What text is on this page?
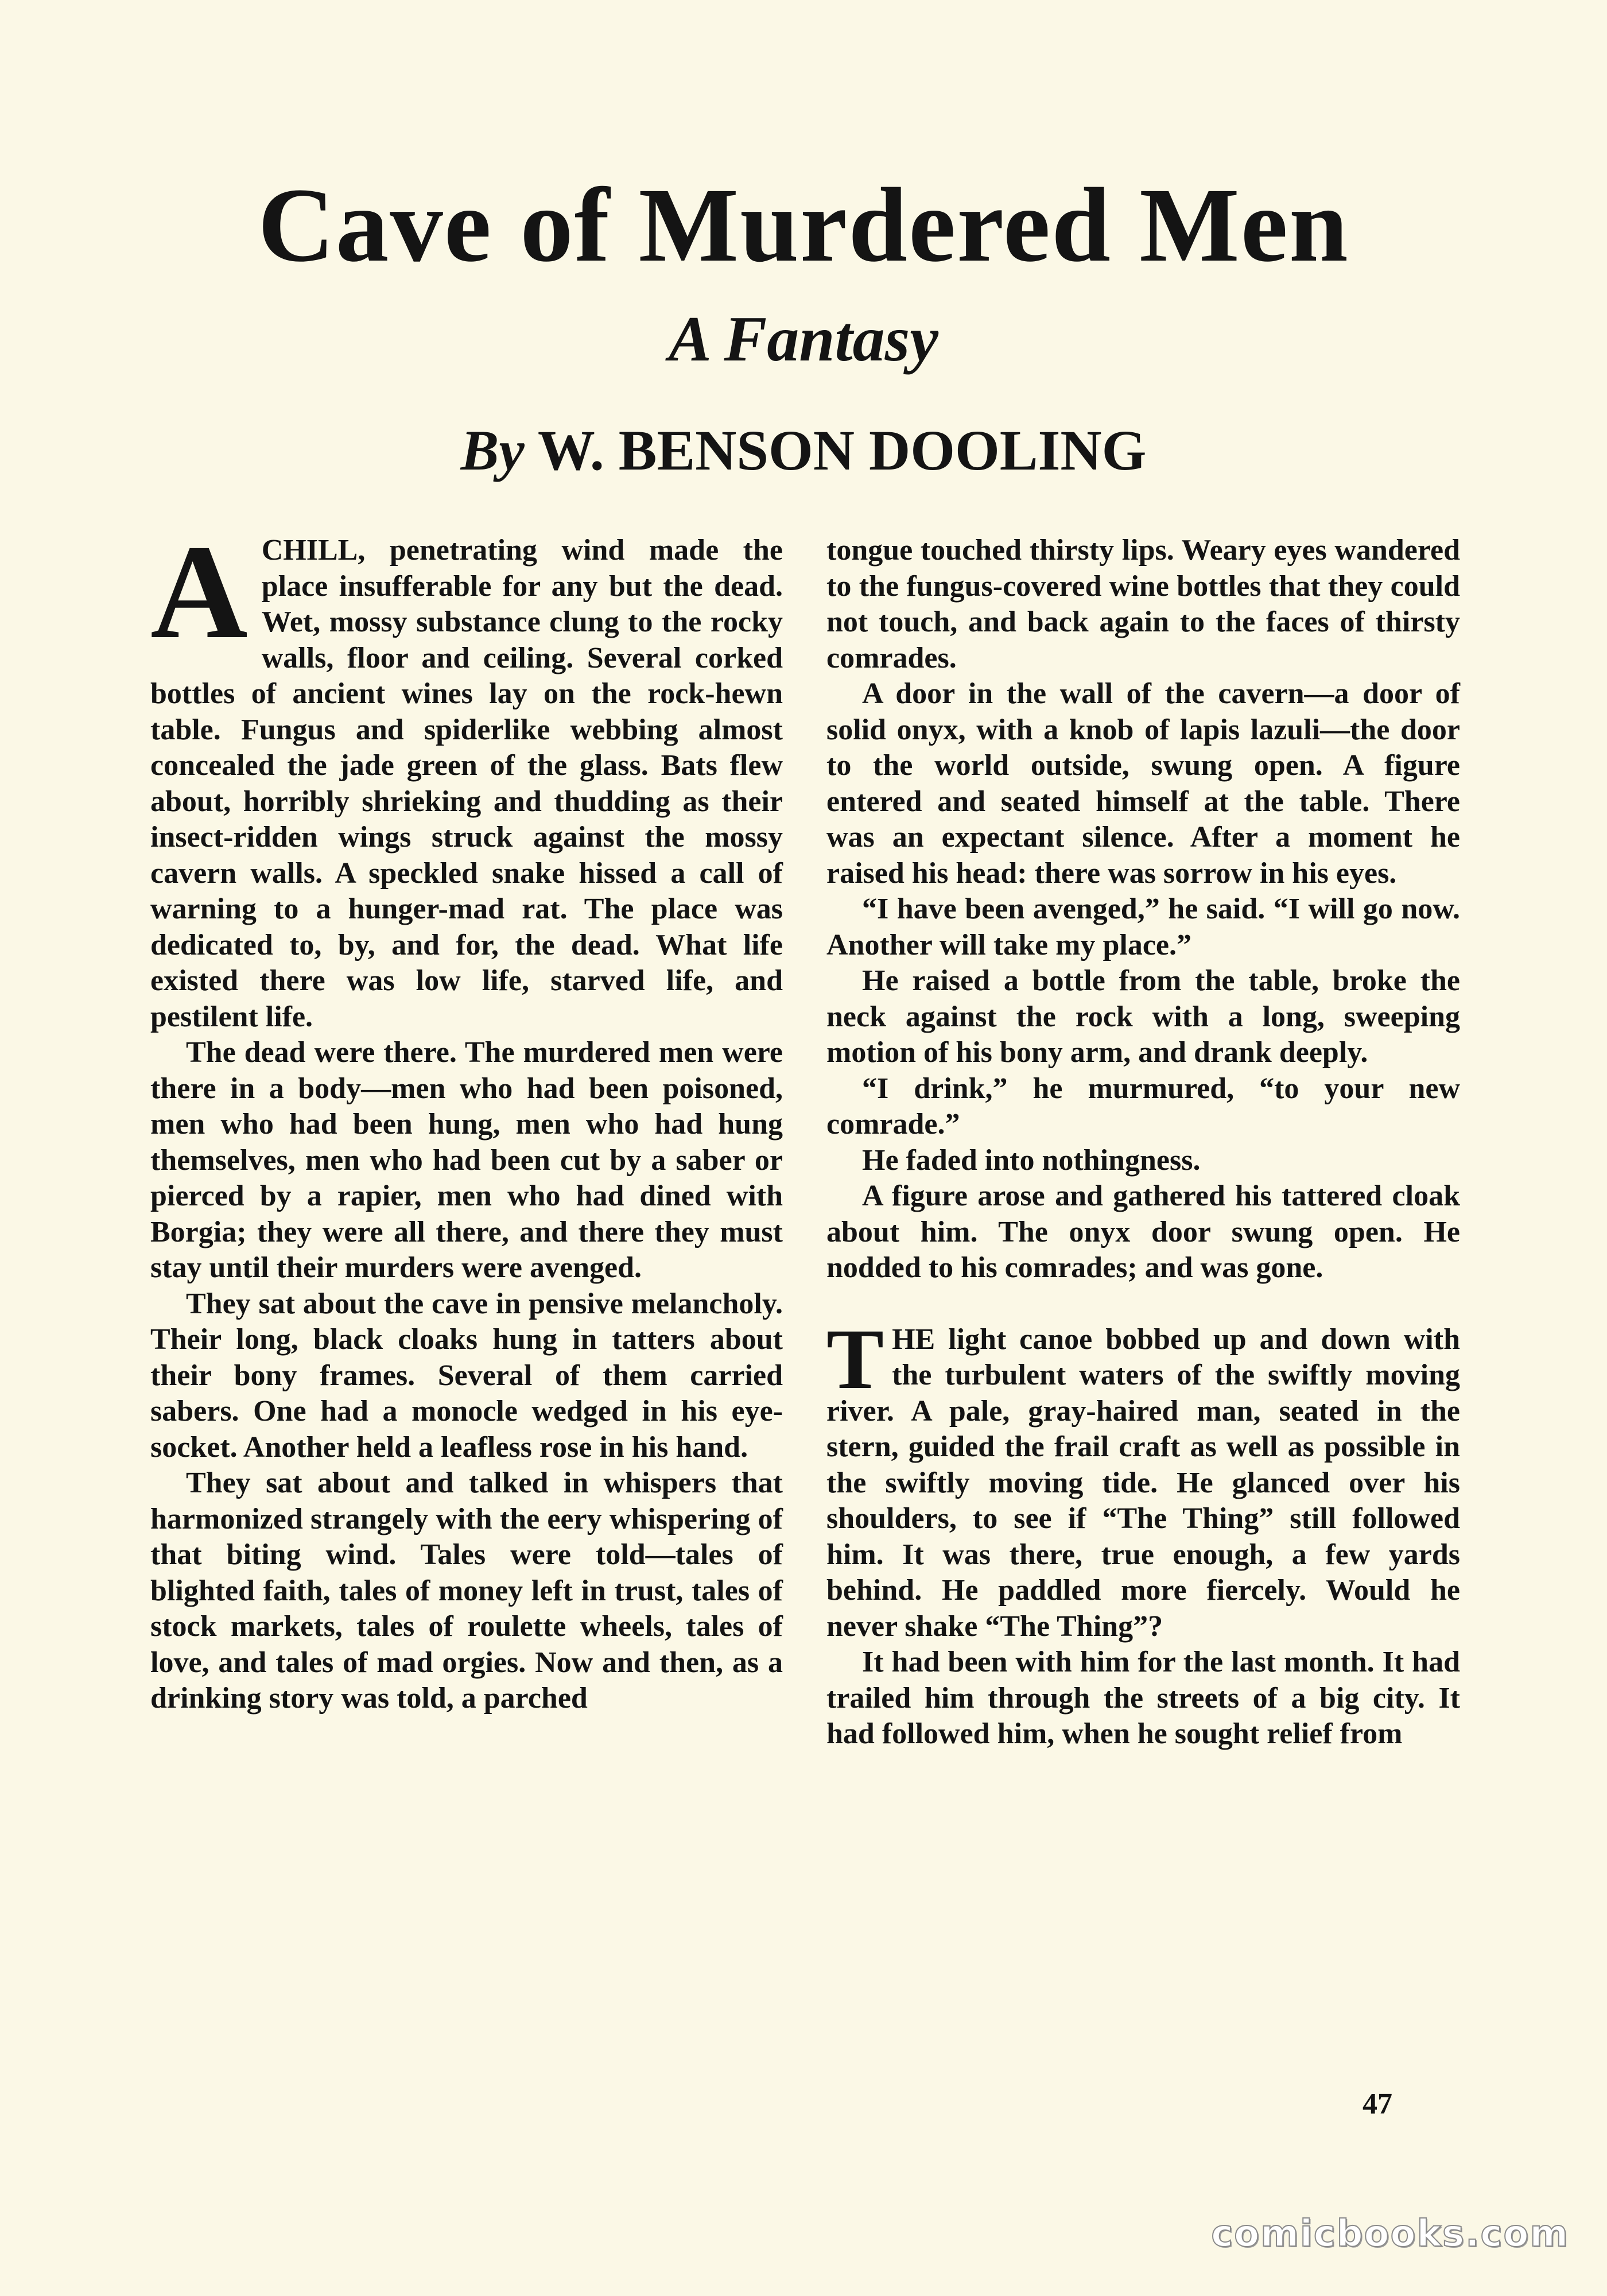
Cave of Murdered Men
A Fantasy
By W. BENSON DOOLING

ACHILL, penetrating wind made the place insufferable for any but the dead. Wet, mossy substance clung to the rocky walls, floor and ceiling. Several corked bottles of ancient wines lay on the rock-hewn table. Fungus and spiderlike webbing almost concealed the jade green of the glass. Bats flew about, horribly shrieking and thudding as their insect-ridden wings struck against the mossy cavern walls. A speckled snake hissed a call of warning to a hunger-mad rat. The place was dedicated to, by, and for, the dead. What life existed there was low life, starved life, and pestilent life.

The dead were there. The murdered men were there in a body—men who had been poisoned, men who had been hung, men who had hung themselves, men who had been cut by a saber or pierced by a rapier, men who had dined with Borgia; they were all there, and there they must stay until their murders were avenged.

They sat about the cave in pensive melancholy. Their long, black cloaks hung in tatters about their bony frames. Several of them carried sabers. One had a monocle wedged in his eye-socket. Another held a leafless rose in his hand.

They sat about and talked in whispers that harmonized strangely with the eery whispering of that biting wind. Tales were told—tales of blighted faith, tales of money left in trust, tales of stock markets, tales of roulette wheels, tales of love, and tales of mad orgies. Now and then, as a drinking story was told, a parched

tongue touched thirsty lips. Weary eyes wandered to the fungus-covered wine bottles that they could not touch, and back again to the faces of thirsty comrades.

A door in the wall of the cavern—a door of solid onyx, with a knob of lapis lazuli—the door to the world outside, swung open. A figure entered and seated himself at the table. There was an expectant silence. After a moment he raised his head: there was sorrow in his eyes.

“I have been avenged,” he said. “I will go now. Another will take my place.”

He raised a bottle from the table, broke the neck against the rock with a long, sweeping motion of his bony arm, and drank deeply.

“I drink,” he murmured, “to your new comrade.”

He faded into nothingness.

A figure arose and gathered his tattered cloak about him. The onyx door swung open. He nodded to his comrades; and was gone.

THE light canoe bobbed up and down with the turbulent waters of the swiftly moving river. A pale, gray-haired man, seated in the stern, guided the frail craft as well as possible in the swiftly moving tide. He glanced over his shoulders, to see if “The Thing” still followed him. It was there, true enough, a few yards behind. He paddled more fiercely. Would he never shake “The Thing”?

It had been with him for the last month. It had trailed him through the streets of a big city. It had followed him, when he sought relief from

47
comicbooks.com
